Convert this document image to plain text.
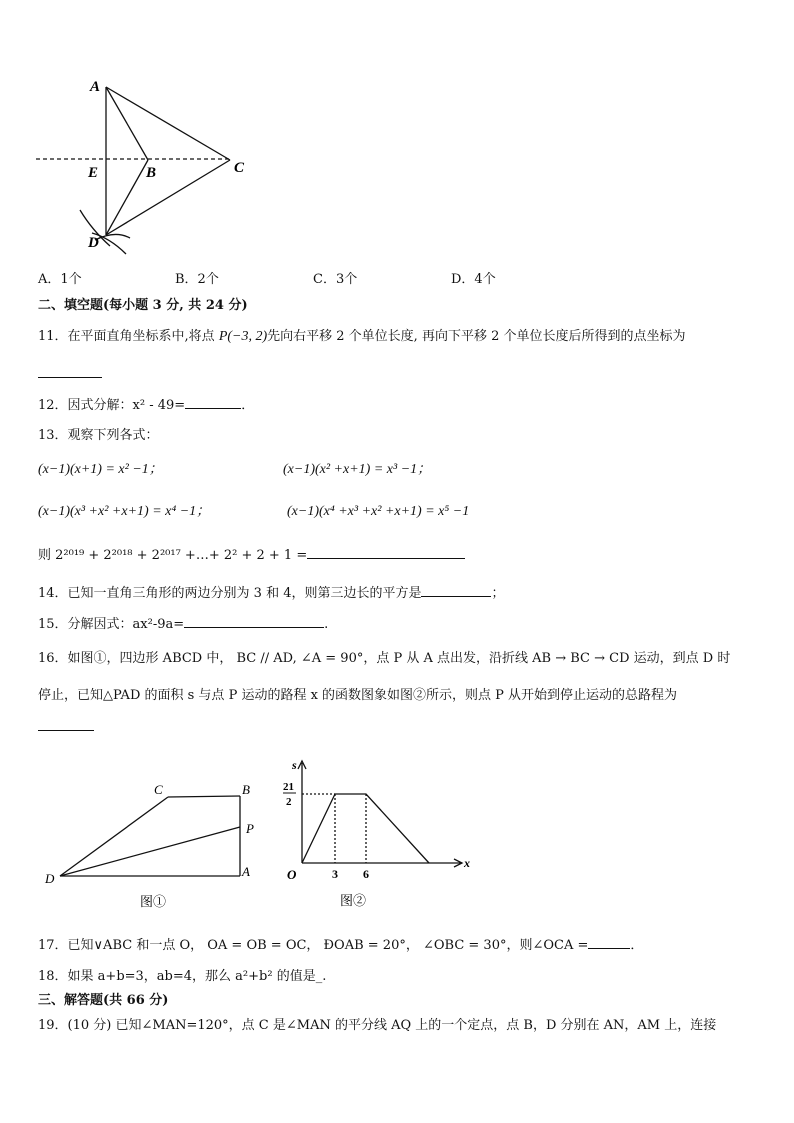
A
E	B	C
D
A．1个	B．2个	C．3个	D．4个
二、填空题(每小题 3 分, 共 24 分)
11．在平面直角坐标系中,将点 P(−3, 2)先向右平移 2 个单位长度, 再向下平移 2 个单位长度后所得到的点坐标为
12．因式分解：x² - 49=	．
13．观察下列各式：
(x−1)(x+1) = x² −1；	(x−1)(x² +x+1) = x³ −1；
(x−1)(x³ +x² +x+1) = x⁴ −1；	(x−1)(x⁴ +x³ +x² +x+1) = x⁵ −1
则 2²⁰¹⁹ + 2²⁰¹⁸ + 2²⁰¹⁷ +…+ 2² + 2 + 1 =
14．已知一直角三角形的两边分别为 3 和 4，则第三边长的平方是	；
15．分解因式：ax²-9a=	.
16．如图①，四边形 ABCD 中， BC // AD, ∠A = 90°，点 P 从 A 点出发，沿折线 AB → BC → CD 运动，到点 D 时
停止，已知△PAD 的面积 s 与点 P 运动的路程 x 的函数图象如图②所示，则点 P 从开始到停止运动的总路程为
C	B
P
D	A
图①
s
x
21
2
O	3 6
图②
17．已知∨ABC 和一点 O， OA = OB = OC， ÐOAB = 20°， ∠OBC = 30°，则∠OCA =	．
18．如果 a+b=3，ab=4，那么 a²+b² 的值是_.
三、解答题(共 66 分)
19．(10 分) 已知∠MAN=120°，点 C 是∠MAN 的平分线 AQ 上的一个定点，点 B，D 分别在 AN，AM 上，连接
